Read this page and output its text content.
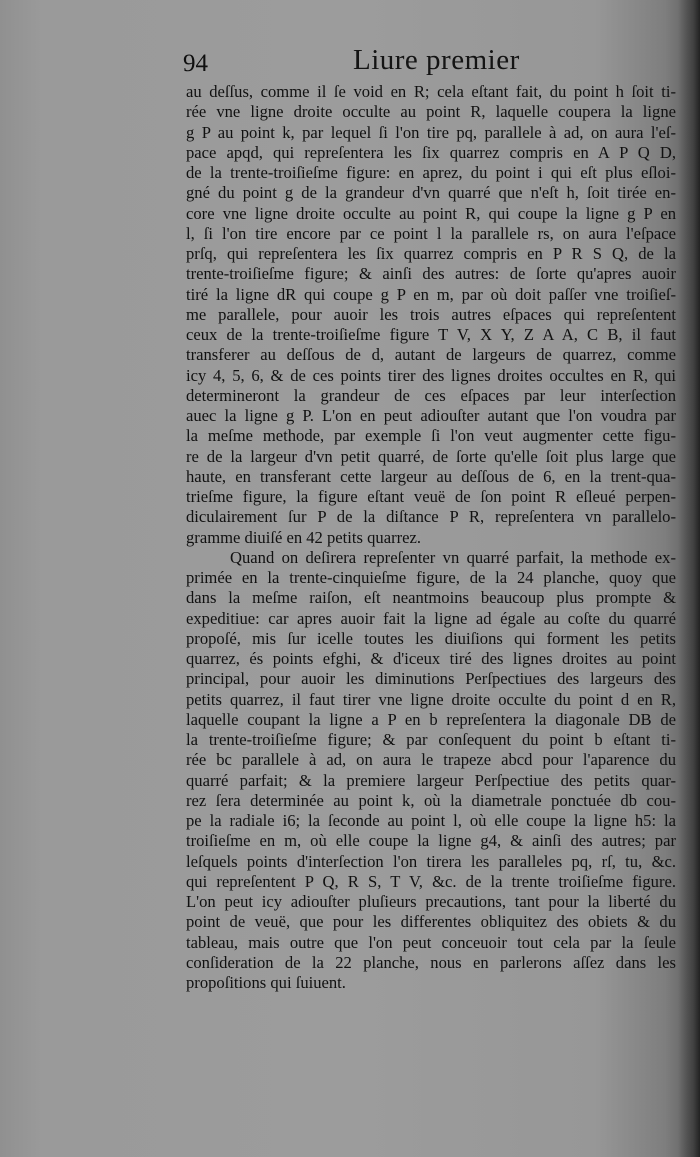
94	Liure premier
au deſſus, comme il ſe void en R; cela eſtant fait, du point h ſoit ti-
rée vne ligne droite occulte au point R, laquelle coupera la ligne
g P au point k, par lequel ſi l'on tire pq, parallele à ad, on aura l'eſ-
pace apqd, qui repreſentera les ſix quarrez compris en A P Q D,
de la trente-troiſieſme figure: en aprez, du point i qui eſt plus eſloi-
gné du point g de la grandeur d'vn quarré que n'eſt h, ſoit tirée en-
core vne ligne droite occulte au point R, qui coupe la ligne g P en
l, ſi l'on tire encore par ce point l la parallele rs, on aura l'eſpace
prſq, qui repreſentera les ſix quarrez compris en P R S Q, de la
trente-troiſieſme figure; & ainſi des autres: de ſorte qu'apres auoir
tiré la ligne dR qui coupe g P en m, par où doit paſſer vne troiſieſ-
me parallele, pour auoir les trois autres eſpaces qui repreſentent
ceux de la trente-troiſieſme figure T V, X Y, Z A A, C B, il faut
transferer au deſſous de d, autant de largeurs de quarrez, comme
icy 4, 5, 6, & de ces points tirer des lignes droites occultes en R, qui
determineront la grandeur de ces eſpaces par leur interſection
auec la ligne g P. L'on en peut adiouſter autant que l'on voudra par
la meſme methode, par exemple ſi l'on veut augmenter cette figu-
re de la largeur d'vn petit quarré, de ſorte qu'elle ſoit plus large que
haute, en transferant cette largeur au deſſous de 6, en la trent-qua-
trieſme figure, la figure eſtant veuë de ſon point R eſleué perpen-
diculairement ſur P de la diſtance P R, repreſentera vn parallelo-
gramme diuiſé en 42 petits quarrez.
Quand on deſirera repreſenter vn quarré parfait, la methode ex-
primée en la trente-cinquieſme figure, de la 24 planche, quoy que
dans la meſme raiſon, eſt neantmoins beaucoup plus prompte &
expeditiue: car apres auoir fait la ligne ad égale au coſte du quarré
propoſé, mis ſur icelle toutes les diuiſions qui forment les petits
quarrez, és points efghi, & d'iceux tiré des lignes droites au point
principal, pour auoir les diminutions Perſpectiues des largeurs des
petits quarrez, il faut tirer vne ligne droite occulte du point d en R,
laquelle coupant la ligne a P en b repreſentera la diagonale DB de
la trente-troiſieſme figure; & par conſequent du point b eſtant ti-
rée bc parallele à ad, on aura le trapeze abcd pour l'aparence du
quarré parfait; & la premiere largeur Perſpectiue des petits quar-
rez ſera determinée au point k, où la diametrale ponctuée db cou-
pe la radiale i6; la ſeconde au point l, où elle coupe la ligne h5: la
troiſieſme en m, où elle coupe la ligne g4, & ainſi des autres; par
leſquels points d'interſection l'on tirera les paralleles pq, rſ, tu, &c.
qui repreſentent P Q, R S, T V, &c. de la trente troiſieſme figure.
L'on peut icy adiouſter pluſieurs precautions, tant pour la liberté du
point de veuë, que pour les differentes obliquitez des obiets & du
tableau, mais outre que l'on peut conceuoir tout cela par la ſeule
conſideration de la 22 planche, nous en parlerons aſſez dans les
propoſitions qui ſuiuent.
